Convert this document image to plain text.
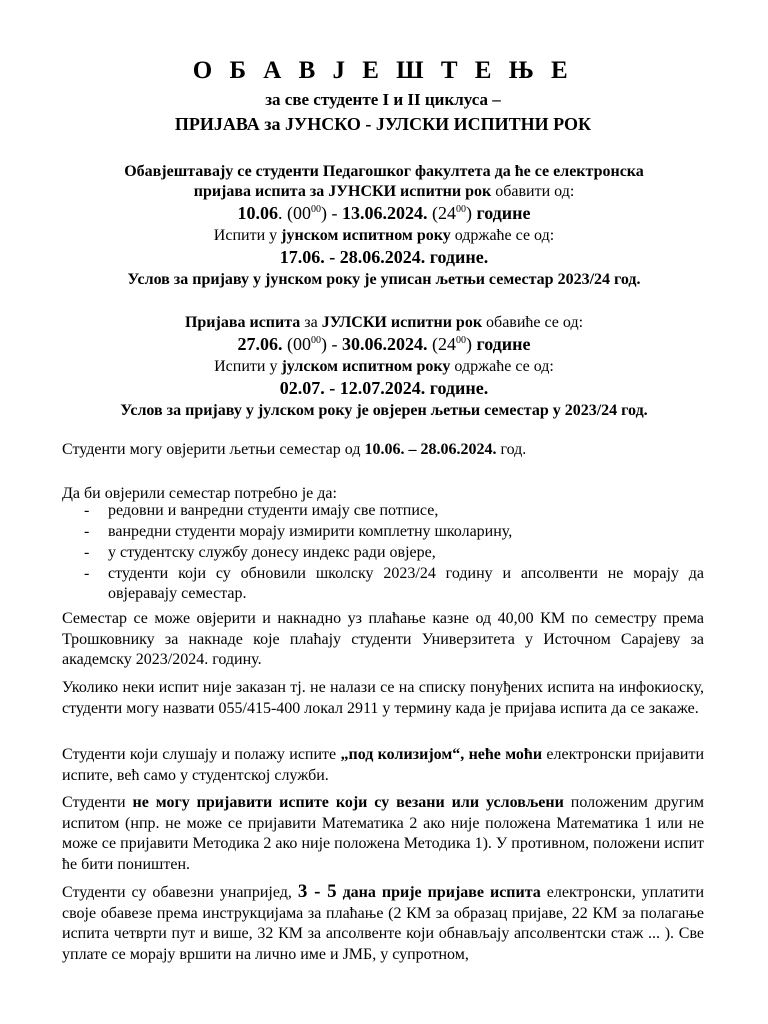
О Б А В Ј Е Ш Т Е Њ Е
за све студенте I и II циклуса –
ПРИЈАВА за ЈУНСКО - ЈУЛСКИ ИСПИТНИ РОК
Обавјештавају се студенти Педагошког факултета да ће се електронска
пријава испита за ЈУНСКИ испитни рок обавити од:
10.06. $(00^{00}) - 13.06.2024$. $(24^{00})$ године
Испити у јунском испитном року одржаће се од:
17.06. - 28.06.2024. године.
Услов за пријаву у јунском року је уписан љетњи семестар 2023/24 год.
Пријава испита за ЈУЛСКИ испитни рок обавиће се од:
27.06. $(00^{00}) - 30.06.2024$. $(24^{00})$ године
Испити у јулском испитном року одржаће се од:
02.07. - 12.07.2024. године.
Услов за пријаву у јулском року је овјерен љетњи семестар у 2023/24 год.
Студенти могу овјерити љетњи семестар од 10.06. – 28.06.2024. год.
Да би овјерили семестар потребно је да:
- редовни и ванредни студенти имају све потписе,
- ванредни студенти морају измирити комплетну школарину,
- у студентску службу донесу индекс ради овјере,
- студенти који су обновили школску 2023/24 годину и апсолвенти не морају да овјеравају семестар.
Семестар се може овјерити и накнадно уз плаћање казне од 40,00 КМ по семестру према Трошковнику за накнаде које плаћају студенти Универзитета у Источном Сарајеву за академску 2023/2024. годину.
Уколико неки испит није заказан тј. не налази се на списку понуђених испита на инфокиоску, студенти могу назвати 055/415-400 локал 2911 у термину када је пријава испита да се закаже.
Студенти који слушају и полажу испите „под колизијом“, неће моћи електронски пријавити испите, већ само у студентској служби.
Студенти не могу пријавити испите који су везани или условљени положеним другим испитом (нпр. не може се пријавити Математика 2 ако није положена Математика 1 или не може се пријавити Методика 2 ако није положена Методика 1). У противном, положени испит ће бити поништен.
Студенти су обавезни унапријед, 3 - 5 дана прије пријаве испита електронски, уплатити своје обавезе према инструкцијама за плаћање (2 КМ за образац пријаве, 22 КМ за полагање испита четврти пут и више, 32 КМ за апсолвенте који обнављају апсолвентски стаж ... ). Све уплате се морају вршити на лично име и ЈМБ, у супротном,
